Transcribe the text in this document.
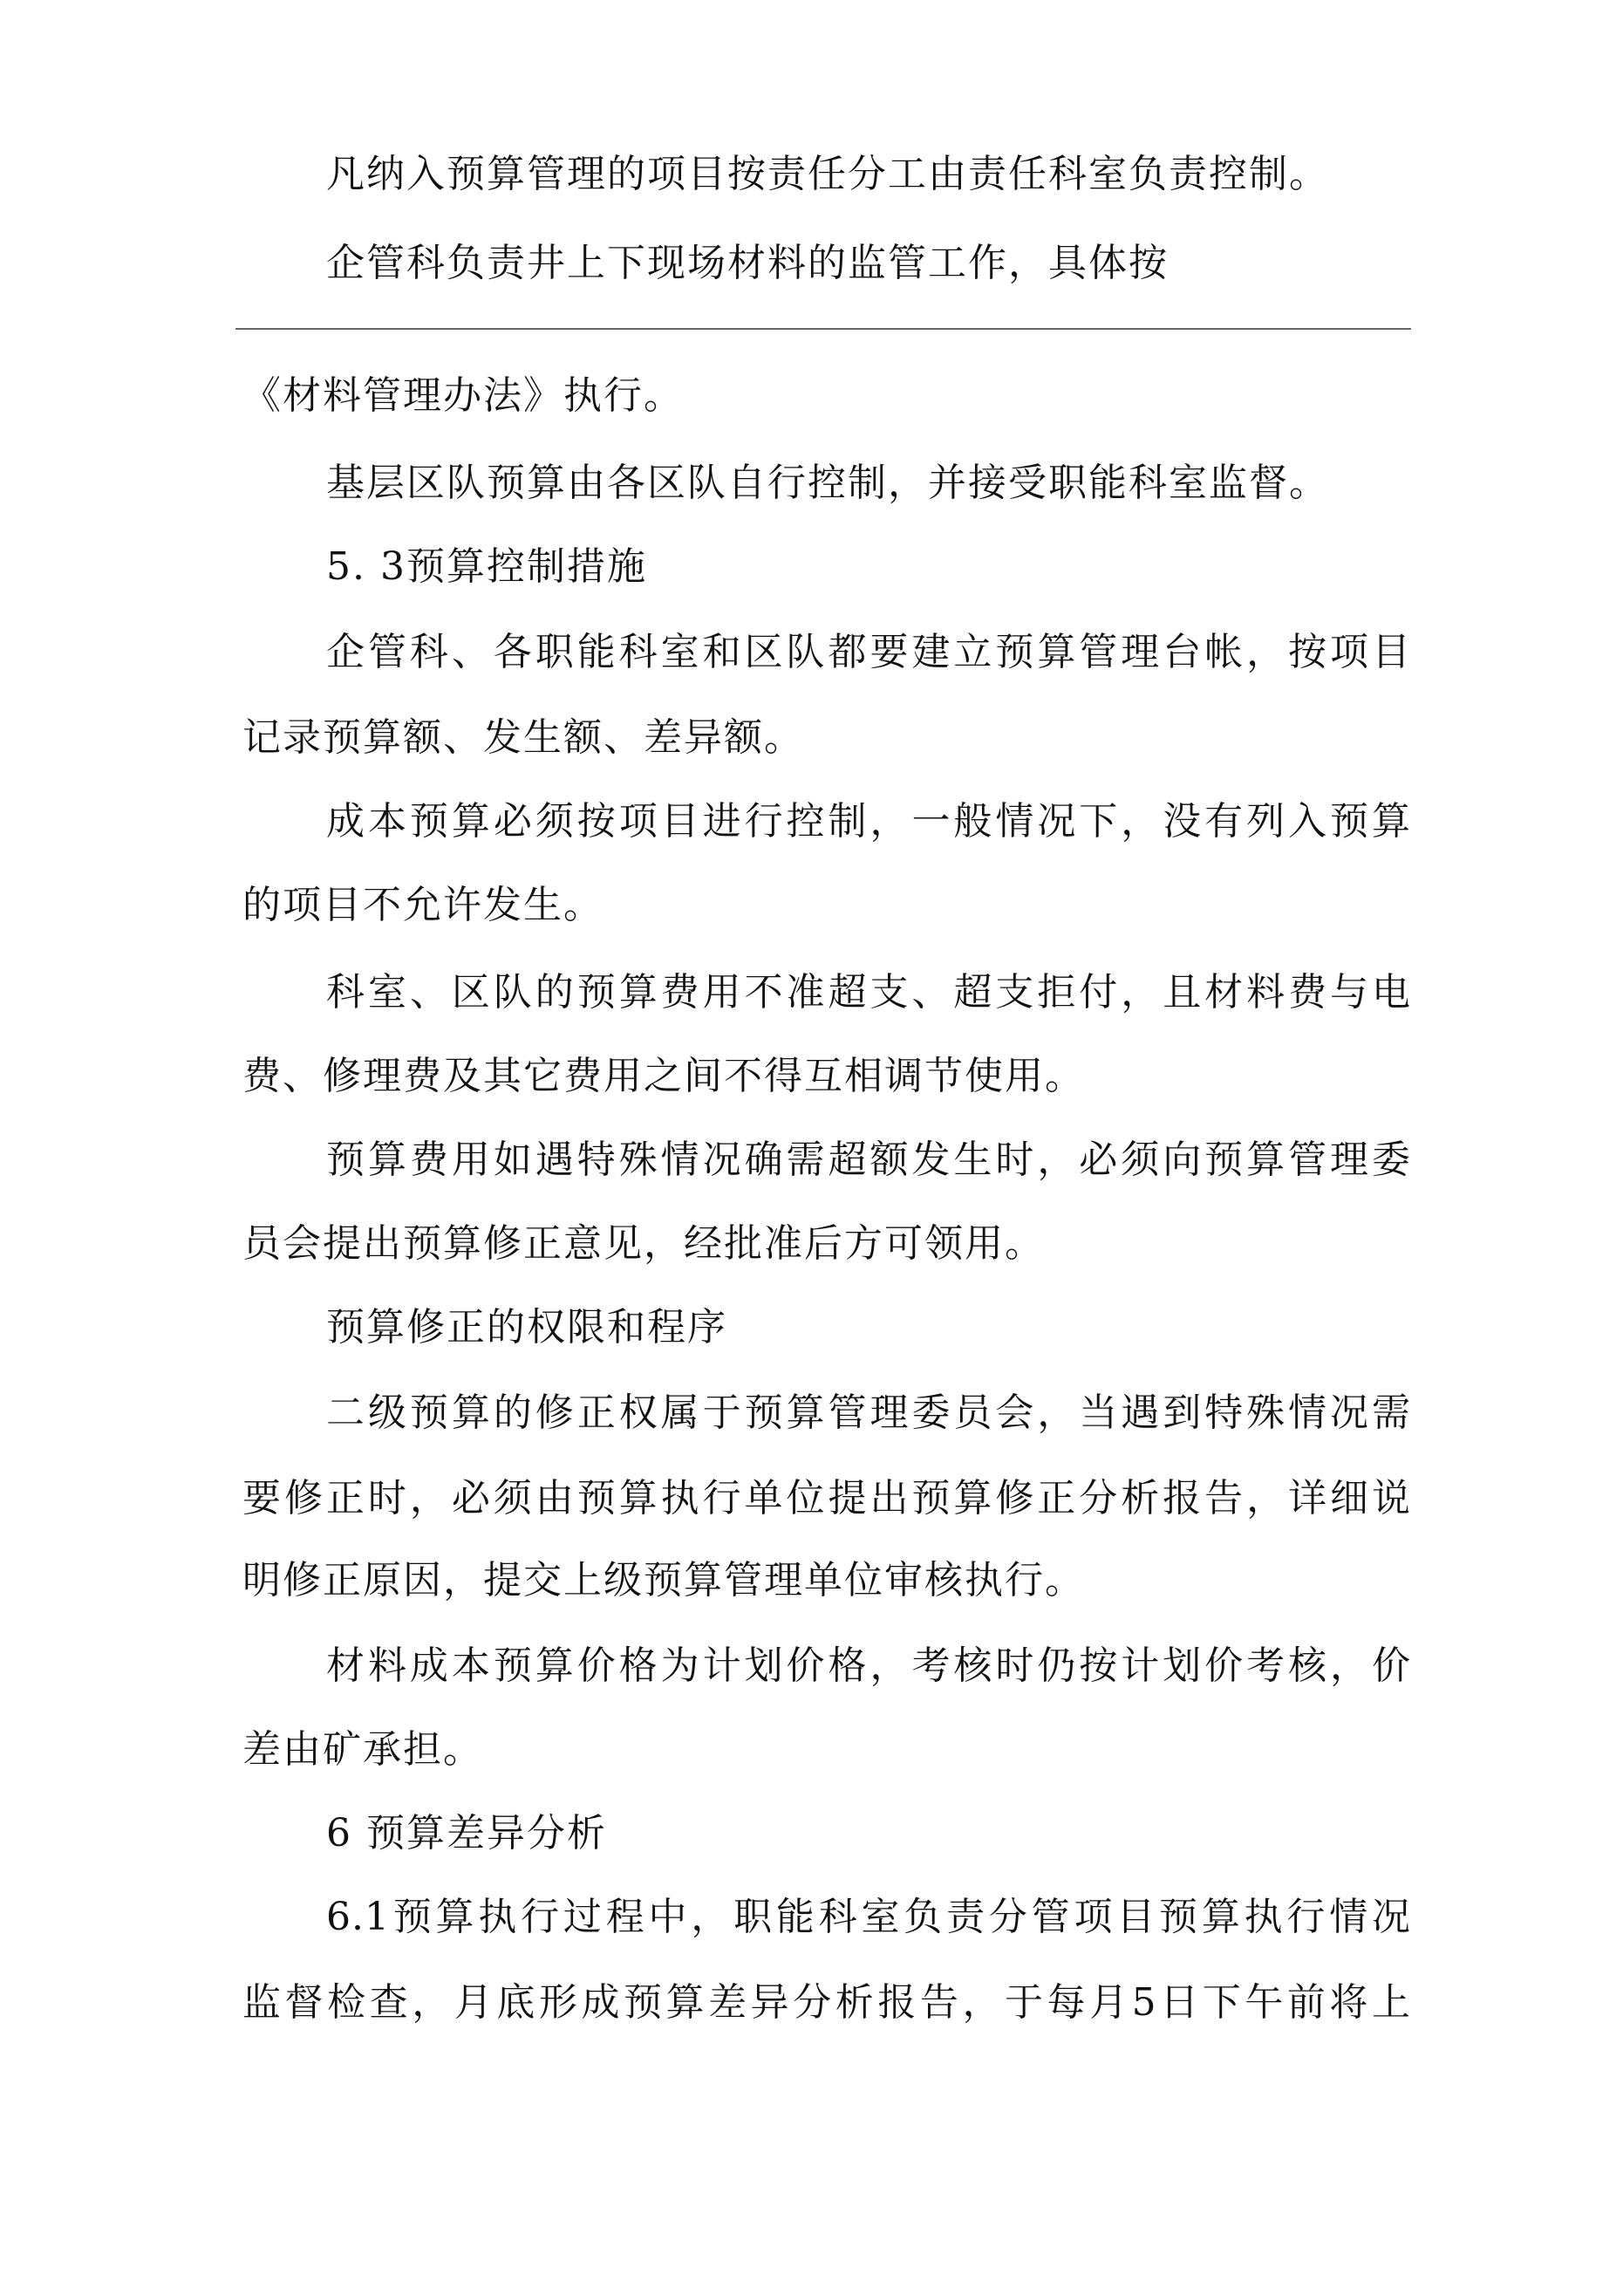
凡纳入预算管理的项目按责任分工由责任科室负责控制。
企管科负责井上下现场材料的监管工作，具体按
《材料管理办法》执行。
基层区队预算由各区队自行控制，并接受职能科室监督。
5. 3预算控制措施
企管科、各职能科室和区队都要建立预算管理台帐，按项目
记录预算额、发生额、差异额。
成本预算必须按项目进行控制，一般情况下，没有列入预算
的项目不允许发生。
科室、区队的预算费用不准超支、超支拒付，且材料费与电
费、修理费及其它费用之间不得互相调节使用。
预算费用如遇特殊情况确需超额发生时，必须向预算管理委
员会提出预算修正意见，经批准后方可领用。
预算修正的权限和程序
二级预算的修正权属于预算管理委员会，当遇到特殊情况需
要修正时，必须由预算执行单位提出预算修正分析报告，详细说
明修正原因，提交上级预算管理单位审核执行。
材料成本预算价格为计划价格，考核时仍按计划价考核，价
差由矿承担。
6 预算差异分析
6.1预算执行过程中，职能科室负责分管项目预算执行情况
监督检查，月底形成预算差异分析报告，于每月5日下午前将上
